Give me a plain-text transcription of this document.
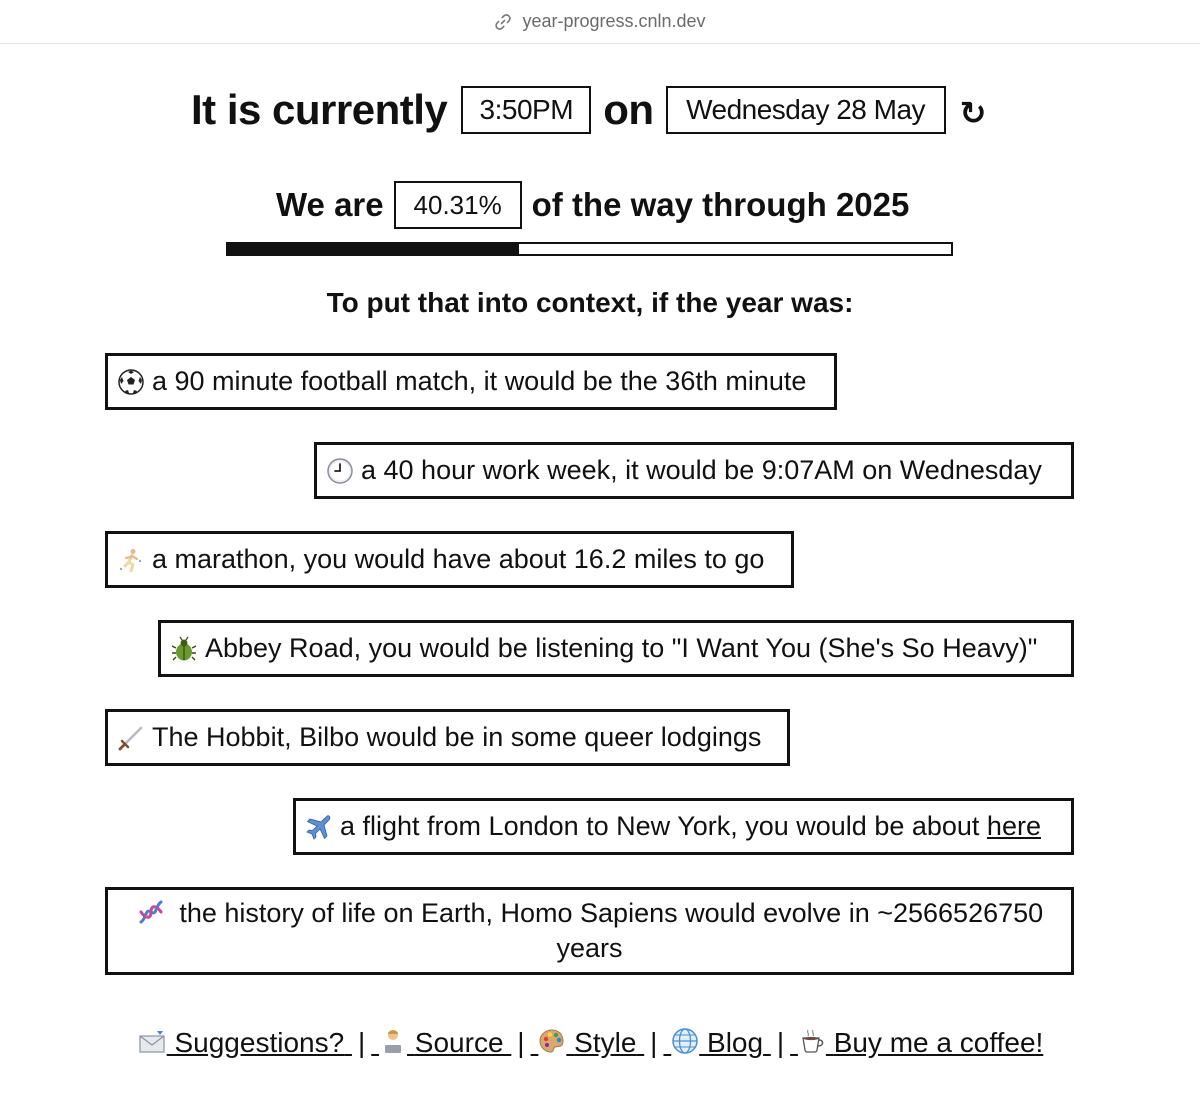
year-progress.cnln.dev
It is currently	3:50PM on	Wednesday 28 May	↻
We are	40.31% of the way through 2025
To put that into context, if the year was:
a 90 minute football match, it would be the 36th minute
a 40 hour work week, it would be 9:07AM on Wednesday
a marathon, you would have about 16.2 miles to go
Abbey Road, you would be listening to "I Want You (She's So Heavy)"
The Hobbit, Bilbo would be in some queer lodgings
a flight from London to New York, you would be about here
the history of life on Earth, Homo Sapiens would evolve in ~2566526750 years
Suggestions? | Source | Style | Blog | Buy me a coffee!
